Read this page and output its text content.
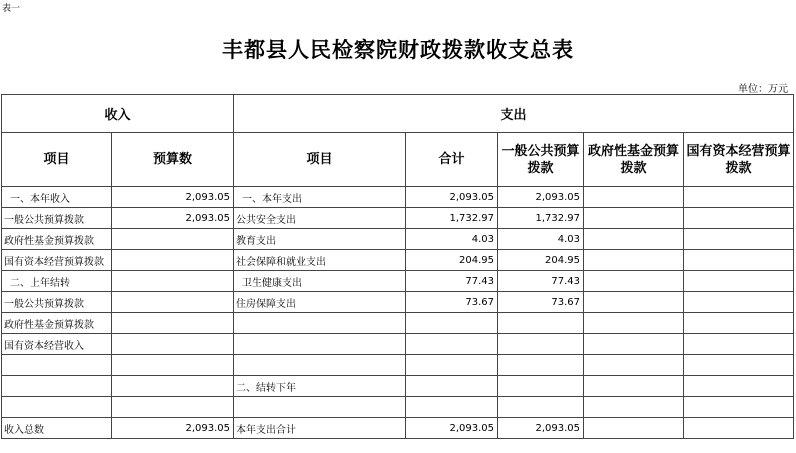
表一
丰都县人民检察院财政拨款收支总表
单位：万元
收入		支出				
项目	预算数	项目	合计	一般公共预算拨款	政府性基金预算拨款	国有资本经营预算拨款
一、本年收入	2,093.05	一、本年支出	2,093.05	2,093.05		
一般公共预算拨款	2,093.05	公共安全支出	1,732.97	1,732.97		
政府性基金预算拨款		教育支出	4.03	4.03		
国有资本经营预算拨款		社会保障和就业支出	204.95	204.95		
二、上年结转		卫生健康支出	77.43	77.43		
一般公共预算拨款		住房保障支出	73.67	73.67		
政府性基金预算拨款						
国有资本经营收入						

		二、结转下年				

收入总数	2,093.05	本年支出合计	2,093.05	2,093.05		
